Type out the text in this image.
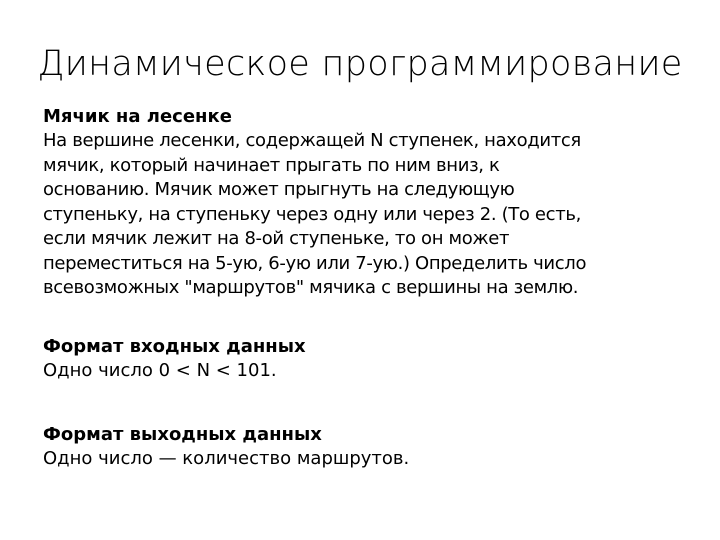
Динамическое программирование
Мячик на лесенке
На вершине лесенки, содержащей N ступенек, находится
мячик, который начинает прыгать по ним вниз, к
основанию. Мячик может прыгнуть на следующую
ступеньку, на ступеньку через одну или через 2. (То есть,
если мячик лежит на 8-ой ступеньке, то он может
переместиться на 5-ую, 6-ую или 7-ую.) Определить число
всевозможных "маршрутов" мячика с вершины на землю.
Формат входных данных
Одно число 0 < N < 101.
Формат выходных данных
Одно число — количество маршрутов.
